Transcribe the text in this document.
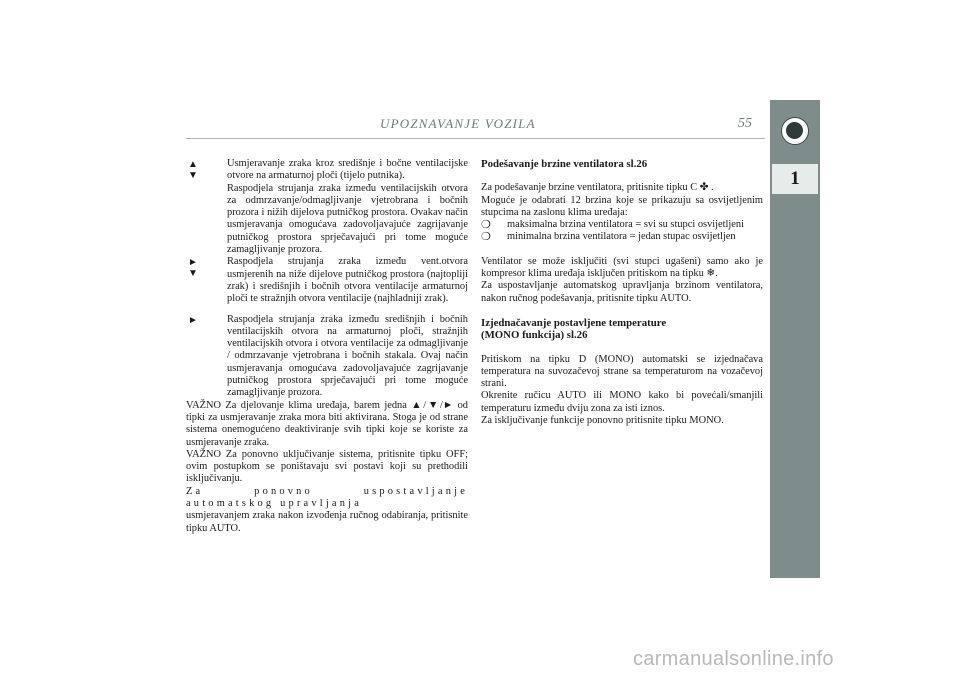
UPOZNAVANJE VOZILA	55
1
▲
▼
Usmjeravanje zraka kroz središnje i bočne ventilacijske otvore na armaturnoj ploči (tijelo putnika).
Raspodjela strujanja zraka između ventilacijskih otvora za odmrzavanje/odmagljivanje vjetrobrana i bočnih prozora i nižih dijelova putničkog prostora. Ovakav način usmjeravanja omogućava zadovoljavajuće zagrijavanje putničkog prostora sprječavajući pri tome moguće zamagljivanje prozora.
►
▼
Raspodjela strujanja zraka između vent.otvora usmjerenih na niže dijelove putničkog prostora (najtopliji zrak) i središnjih i bočnih otvora ventilacije armaturnoj ploči te stražnjih otvora ventilacije (najhladniji zrak).
►	Raspodjela strujanja zraka između središnjih i bočnih ventilacijskih otvora na armaturnoj ploči, stražnjih ventilacijskih otvora i otvora ventilacije za odmagljivanje / odmrzavanje vjetrobrana i bočnih stakala. Ovaj način usmjeravanja omogućava zadovoljavajuće zagrijavanje putničkog prostora sprječavajući pri tome moguće zamagljivanje prozora.
VAŽNO Za djelovanje klima uređaja, barem jedna ▲/▼/► od tipki za usmjeravanje zraka mora biti aktivirana. Stoga je od strane sistema onemogućeno deaktiviranje svih tipki koje se koriste za usmjeravanje zraka.
VAŽNO Za ponovno uključivanje sistema, pritisnite tipku OFF; ovim postupkom se poništavaju svi postavi koji su prethodili isključivanju.
Za ponovno uspostavljanje automatskog upravljanja
usmjeravanjem zraka nakon izvođenja ručnog odabiranja, pritisnite tipku AUTO.
Podešavanje brzine ventilatora sl.26
Za podešavanje brzine ventilatora, pritisnite tipku C ✤ .
Moguće je odabrati 12 brzina koje se prikazuju sa osvijetljenim stupcima na zaslonu klima uređaja:
❍ maksimalna brzina ventilatora = svi su stupci osvijetljeni
❍ minimalna brzina ventilatora = jedan stupac osvijetljen
Ventilator se može isključiti (svi stupci ugašeni) samo ako je kompresor klima uređaja isključen pritiskom na tipku ❄.
Za uspostavljanje automatskog upravljanja brzinom ventilatora, nakon ručnog podešavanja, pritisnite tipku AUTO.
Izjednačavanje postavljene temperature
(MONO funkcija) sl.26
Pritiskom na tipku D (MONO) automatski se izjednačava temperatura na suvozačevoj strane sa temperaturom na vozačevoj strani.
Okrenite ručicu AUTO ili MONO kako bi povećali/smanjili temperaturu između dviju zona za isti iznos.
Za isključivanje funkcije ponovno pritisnite tipku MONO.
carmanualsonline.info
